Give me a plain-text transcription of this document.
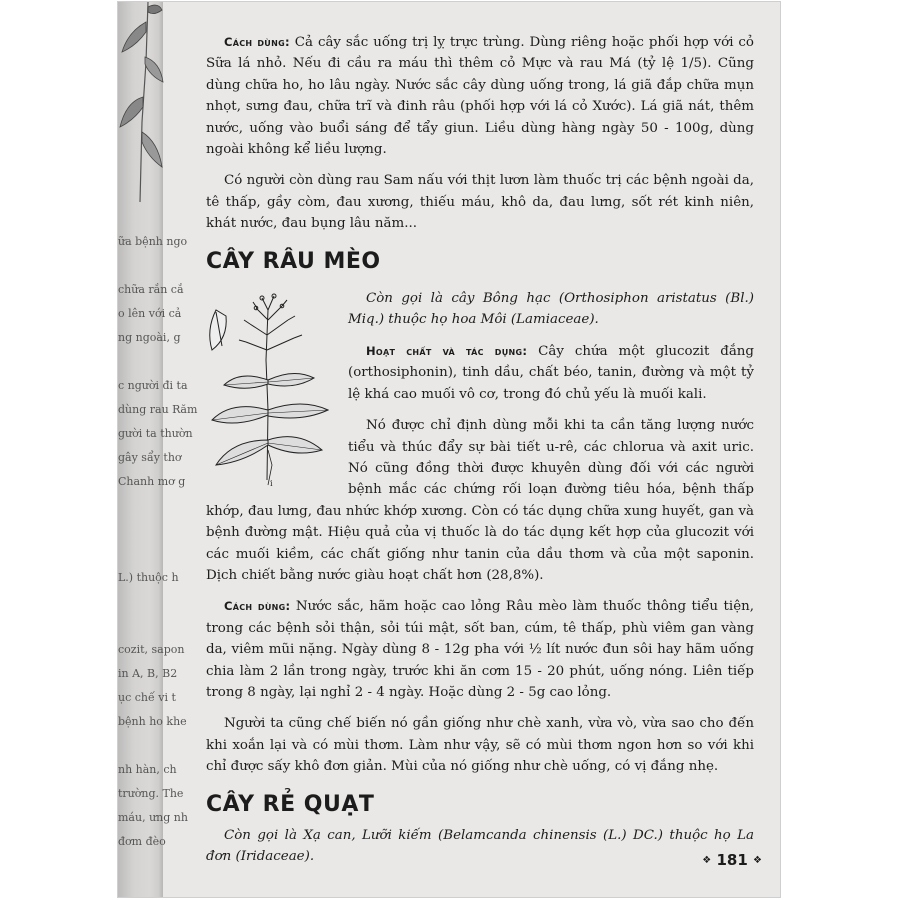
ữa bệnh ngo

chữa rắn cắ
o lên với cả
ng ngoài, g

c người đi ta
dùng rau Răm
gười ta thườn
gây sẩy thơ
Chanh mơ g

L.) thuộc h

cozit, sapon
in A, B, B2
ục chế vi t
bệnh ho khe

nh hàn, ch
trường. The
máu, ưng nh
đơm đèo

Cách dùng: Cả cây sắc uống trị lỵ trực trùng. Dùng riêng hoặc phối hợp với cỏ Sữa lá nhỏ. Nếu đi cầu ra máu thì thêm cỏ Mực và rau Má (tỷ lệ 1/5). Cũng dùng chữa ho, ho lâu ngày. Nước sắc cây dùng uống trong, lá giã đắp chữa mụn nhọt, sưng đau, chữa trĩ và đinh râu (phối hợp với lá cỏ Xước). Lá giã nát, thêm nước, uống vào buổi sáng để tẩy giun. Liều dùng hàng ngày 50 - 100g, dùng ngoài không kể liều lượng.

Có người còn dùng rau Sam nấu với thịt lươn làm thuốc trị các bệnh ngoài da, tê thấp, gầy còm, đau xương, thiếu máu, khô da, đau lưng, sốt rét kinh niên, khát nước, đau bụng lâu năm...

CÂY RÂU MÈO
i

Còn gọi là cây Bông hạc (Orthosiphon aristatus (Bl.) Miq.) thuộc họ hoa Môi (Lamiaceae).

Hoạt chất và tác dụng: Cây chứa một glucozit đắng (orthosiphonin), tinh dầu, chất béo, tanin, đường và một tỷ lệ khá cao muối vô cơ, trong đó chủ yếu là muối kali.

Nó được chỉ định dùng mỗi khi ta cần tăng lượng nước tiểu và thúc đẩy sự bài tiết u-rê, các chlorua và axit uric. Nó cũng đồng thời được khuyên dùng đối với các người bệnh mắc các chứng rối loạn đường tiêu hóa, bệnh thấp khớp, đau lưng, đau nhức khớp xương. Còn có tác dụng chữa xung huyết, gan và bệnh đường mật. Hiệu quả của vị thuốc là do tác dụng kết hợp của glucozit với các muối kiềm, các chất giống như tanin của dầu thơm và của một saponin. Dịch chiết bằng nước giàu hoạt chất hơn (28,8%).

Cách dùng: Nước sắc, hãm hoặc cao lỏng Râu mèo làm thuốc thông tiểu tiện, trong các bệnh sỏi thận, sỏi túi mật, sốt ban, cúm, tê thấp, phù viêm gan vàng da, viêm mũi nặng. Ngày dùng 8 - 12g pha với ½ lít nước đun sôi hay hãm uống chia làm 2 lần trong ngày, trước khi ăn cơm 15 - 20 phút, uống nóng. Liên tiếp trong 8 ngày, lại nghỉ 2 - 4 ngày. Hoặc dùng 2 - 5g cao lỏng.

Người ta cũng chế biến nó gần giống như chè xanh, vừa vò, vừa sao cho đến khi xoắn lại và có mùi thơm. Làm như vậy, sẽ có mùi thơm ngon hơn so với khi chỉ được sấy khô đơn giản. Mùi của nó giống như chè uống, có vị đắng nhẹ.

CÂY RẺ QUẠT

Còn gọi là Xạ can, Lưỡi kiếm (Belamcanda chinensis (L.) DC.) thuộc họ La đơn (Iridaceae).	❖ 181 ❖
